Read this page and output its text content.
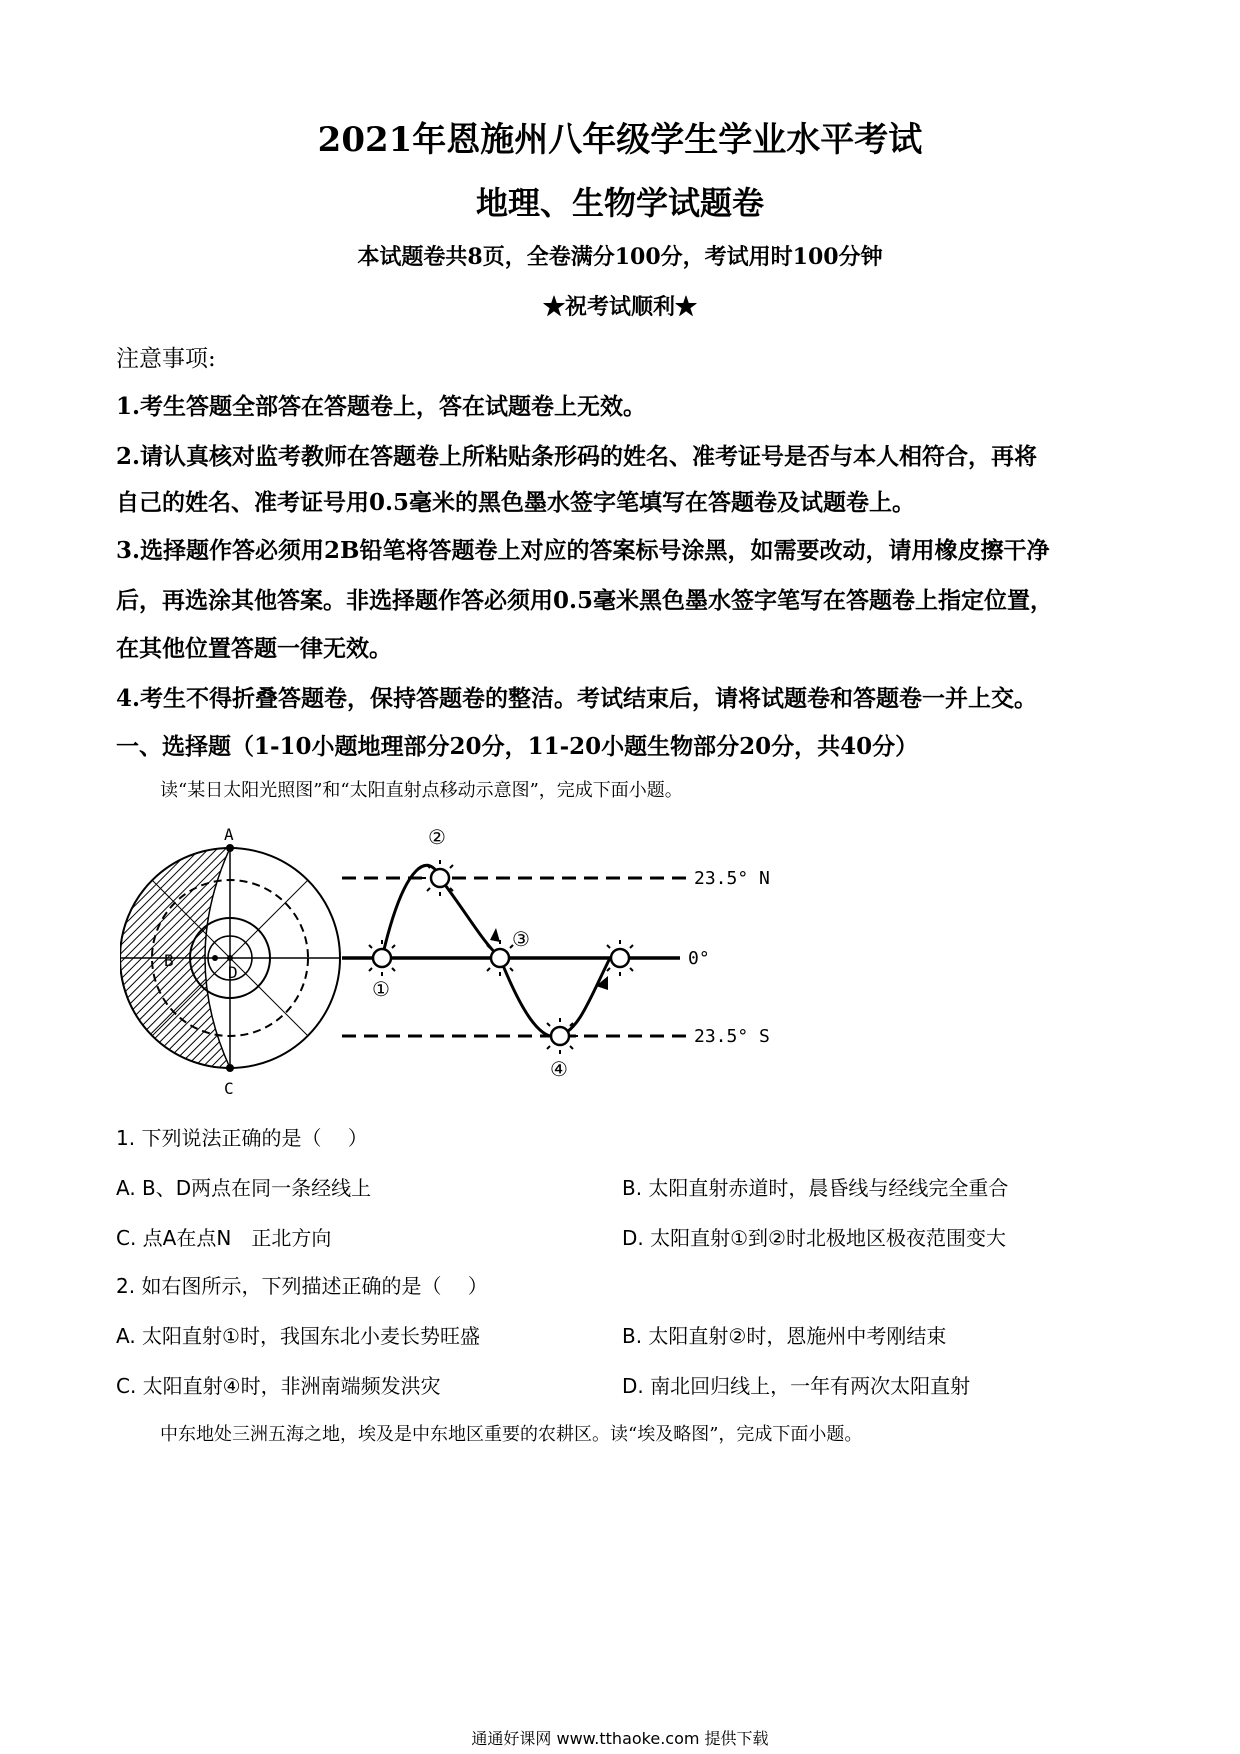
2021年恩施州八年级学生学业水平考试
地理、生物学试题卷
本试题卷共8页，全卷满分100分，考试用时100分钟
★祝考试顺利★
注意事项:
1.考生答题全部答在答题卷上，答在试题卷上无效。
2.请认真核对监考教师在答题卷上所粘贴条形码的姓名、准考证号是否与本人相符合，再将
自己的姓名、准考证号用0.5毫米的黑色墨水签字笔填写在答题卷及试题卷上。
3.选择题作答必须用2B铅笔将答题卷上对应的答案标号涂黑，如需要改动，请用橡皮擦干净
后，再选涂其他答案。非选择题作答必须用0.5毫米黑色墨水签字笔写在答题卷上指定位置，
在其他位置答题一律无效。
4.考生不得折叠答题卷，保持答题卷的整洁。考试结束后，请将试题卷和答题卷一并上交。
一、选择题（1-10小题地理部分20分，11-20小题生物部分20分，共40分）
读“某日太阳光照图”和“太阳直射点移动示意图”，完成下面小题。
A
D
B
C
①
②
③
④
23.5° N
0°
23.5° S
1. 下列说法正确的是（　 ）
A. B、D两点在同一条经线上	B. 太阳直射赤道时，晨昏线与经线完全重合
C. 点A在点N　正北方向	D. 太阳直射①到②时北极地区极夜范围变大
2. 如右图所示，下列描述正确的是（　 ）
A. 太阳直射①时，我国东北小麦长势旺盛	B. 太阳直射②时，恩施州中考刚结束
C. 太阳直射④时，非洲南端频发洪灾	D. 南北回归线上，一年有两次太阳直射
中东地处三洲五海之地，埃及是中东地区重要的农耕区。读“埃及略图”，完成下面小题。
通通好课网 www.tthaoke.com 提供下载
